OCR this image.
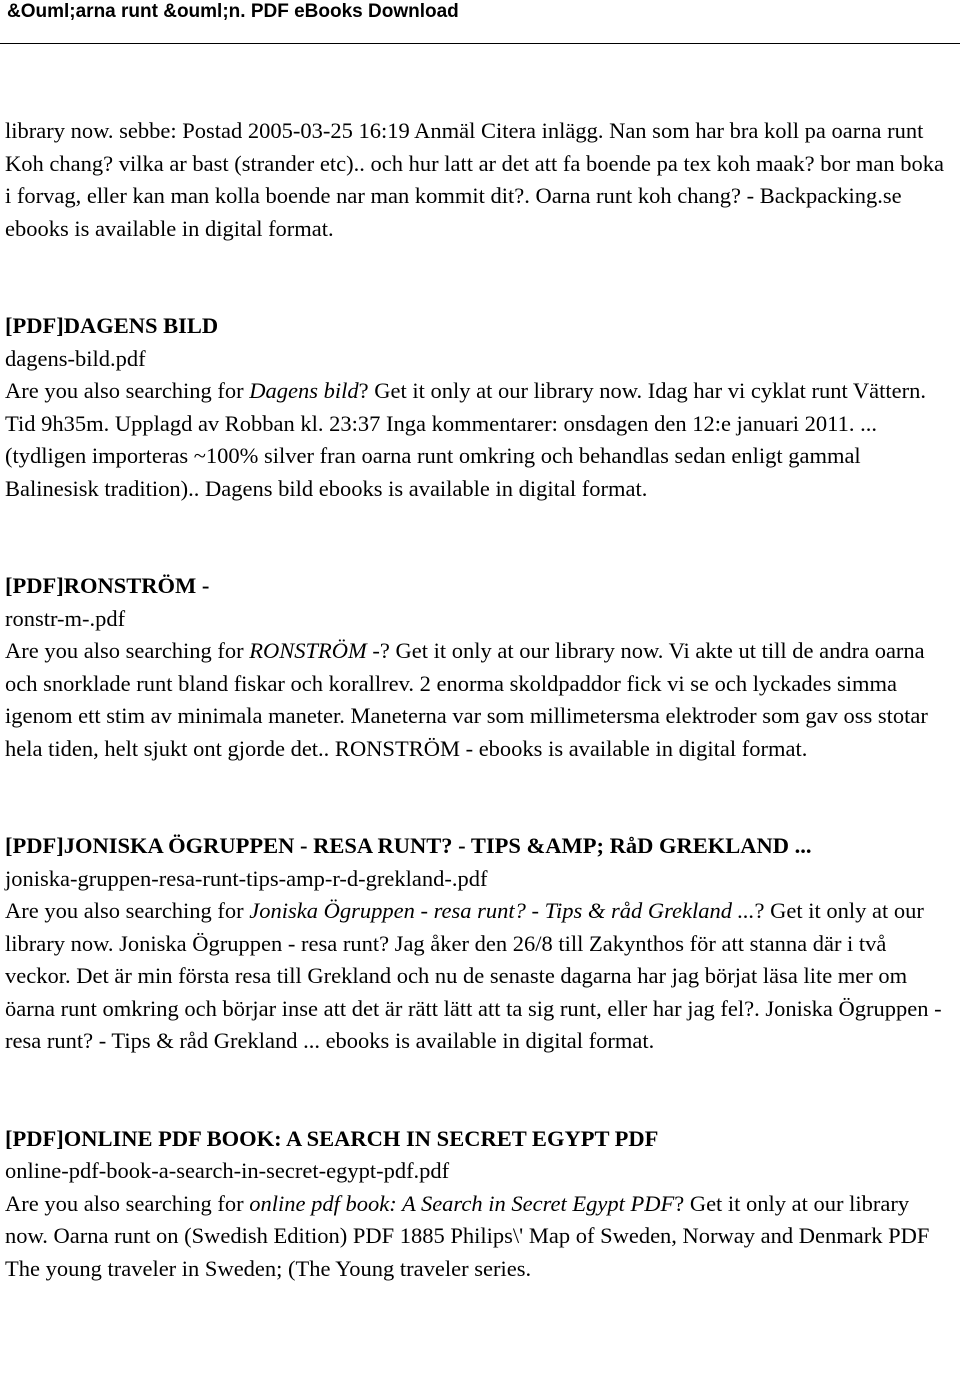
&Ouml;arna runt &ouml;n. PDF eBooks Download

library now. sebbe: Postad 2005-03-25 16:19 Anmäl Citera inlägg. Nan som har bra koll pa oarna runt Koh chang? vilka ar bast (strander etc).. och hur latt ar det att fa boende pa tex koh maak? bor man boka i forvag, eller kan man kolla boende nar man kommit dit?. Oarna runt koh chang? - Backpacking.se ebooks is available in digital format.

[PDF]DAGENS BILD
dagens-bild.pdf
Are you also searching for Dagens bild? Get it only at our library now. Idag har vi cyklat runt Vättern. Tid 9h35m. Upplagd av Robban kl. 23:37 Inga kommentarer: onsdagen den 12:e januari 2011. ... (tydligen importeras ~100% silver fran oarna runt omkring och behandlas sedan enligt gammal Balinesisk tradition).. Dagens bild ebooks is available in digital format.
[PDF]RONSTRÖM -
ronstr-m-.pdf
Are you also searching for RONSTRÖM -? Get it only at our library now. Vi akte ut till de andra oarna och snorklade runt bland fiskar och korallrev. 2 enorma skoldpaddor fick vi se och lyckades simma igenom ett stim av minimala maneter. Maneterna var som millimetersma elektroder som gav oss stotar hela tiden, helt sjukt ont gjorde det.. RONSTRÖM - ebooks is available in digital format.
[PDF]JONISKA ÖGRUPPEN - RESA RUNT? - TIPS &AMP; RåD GREKLAND ...
joniska-gruppen-resa-runt-tips-amp-r-d-grekland-.pdf
Are you also searching for Joniska Ögruppen - resa runt? - Tips & råd Grekland ...? Get it only at our library now. Joniska Ögruppen - resa runt? Jag åker den 26/8 till Zakynthos för att stanna där i två veckor. Det är min första resa till Grekland och nu de senaste dagarna har jag börjat läsa lite mer om öarna runt omkring och börjar inse att det är rätt lätt att ta sig runt, eller har jag fel?. Joniska Ögruppen - resa runt? - Tips & råd Grekland ... ebooks is available in digital format.
[PDF]ONLINE PDF BOOK: A SEARCH IN SECRET EGYPT PDF
online-pdf-book-a-search-in-secret-egypt-pdf.pdf
Are you also searching for online pdf book: A Search in Secret Egypt PDF? Get it only at our library now. Oarna runt on (Swedish Edition) PDF 1885 Philips\' Map of Sweden, Norway and Denmark PDF The young traveler in Sweden; (The Young traveler series.
